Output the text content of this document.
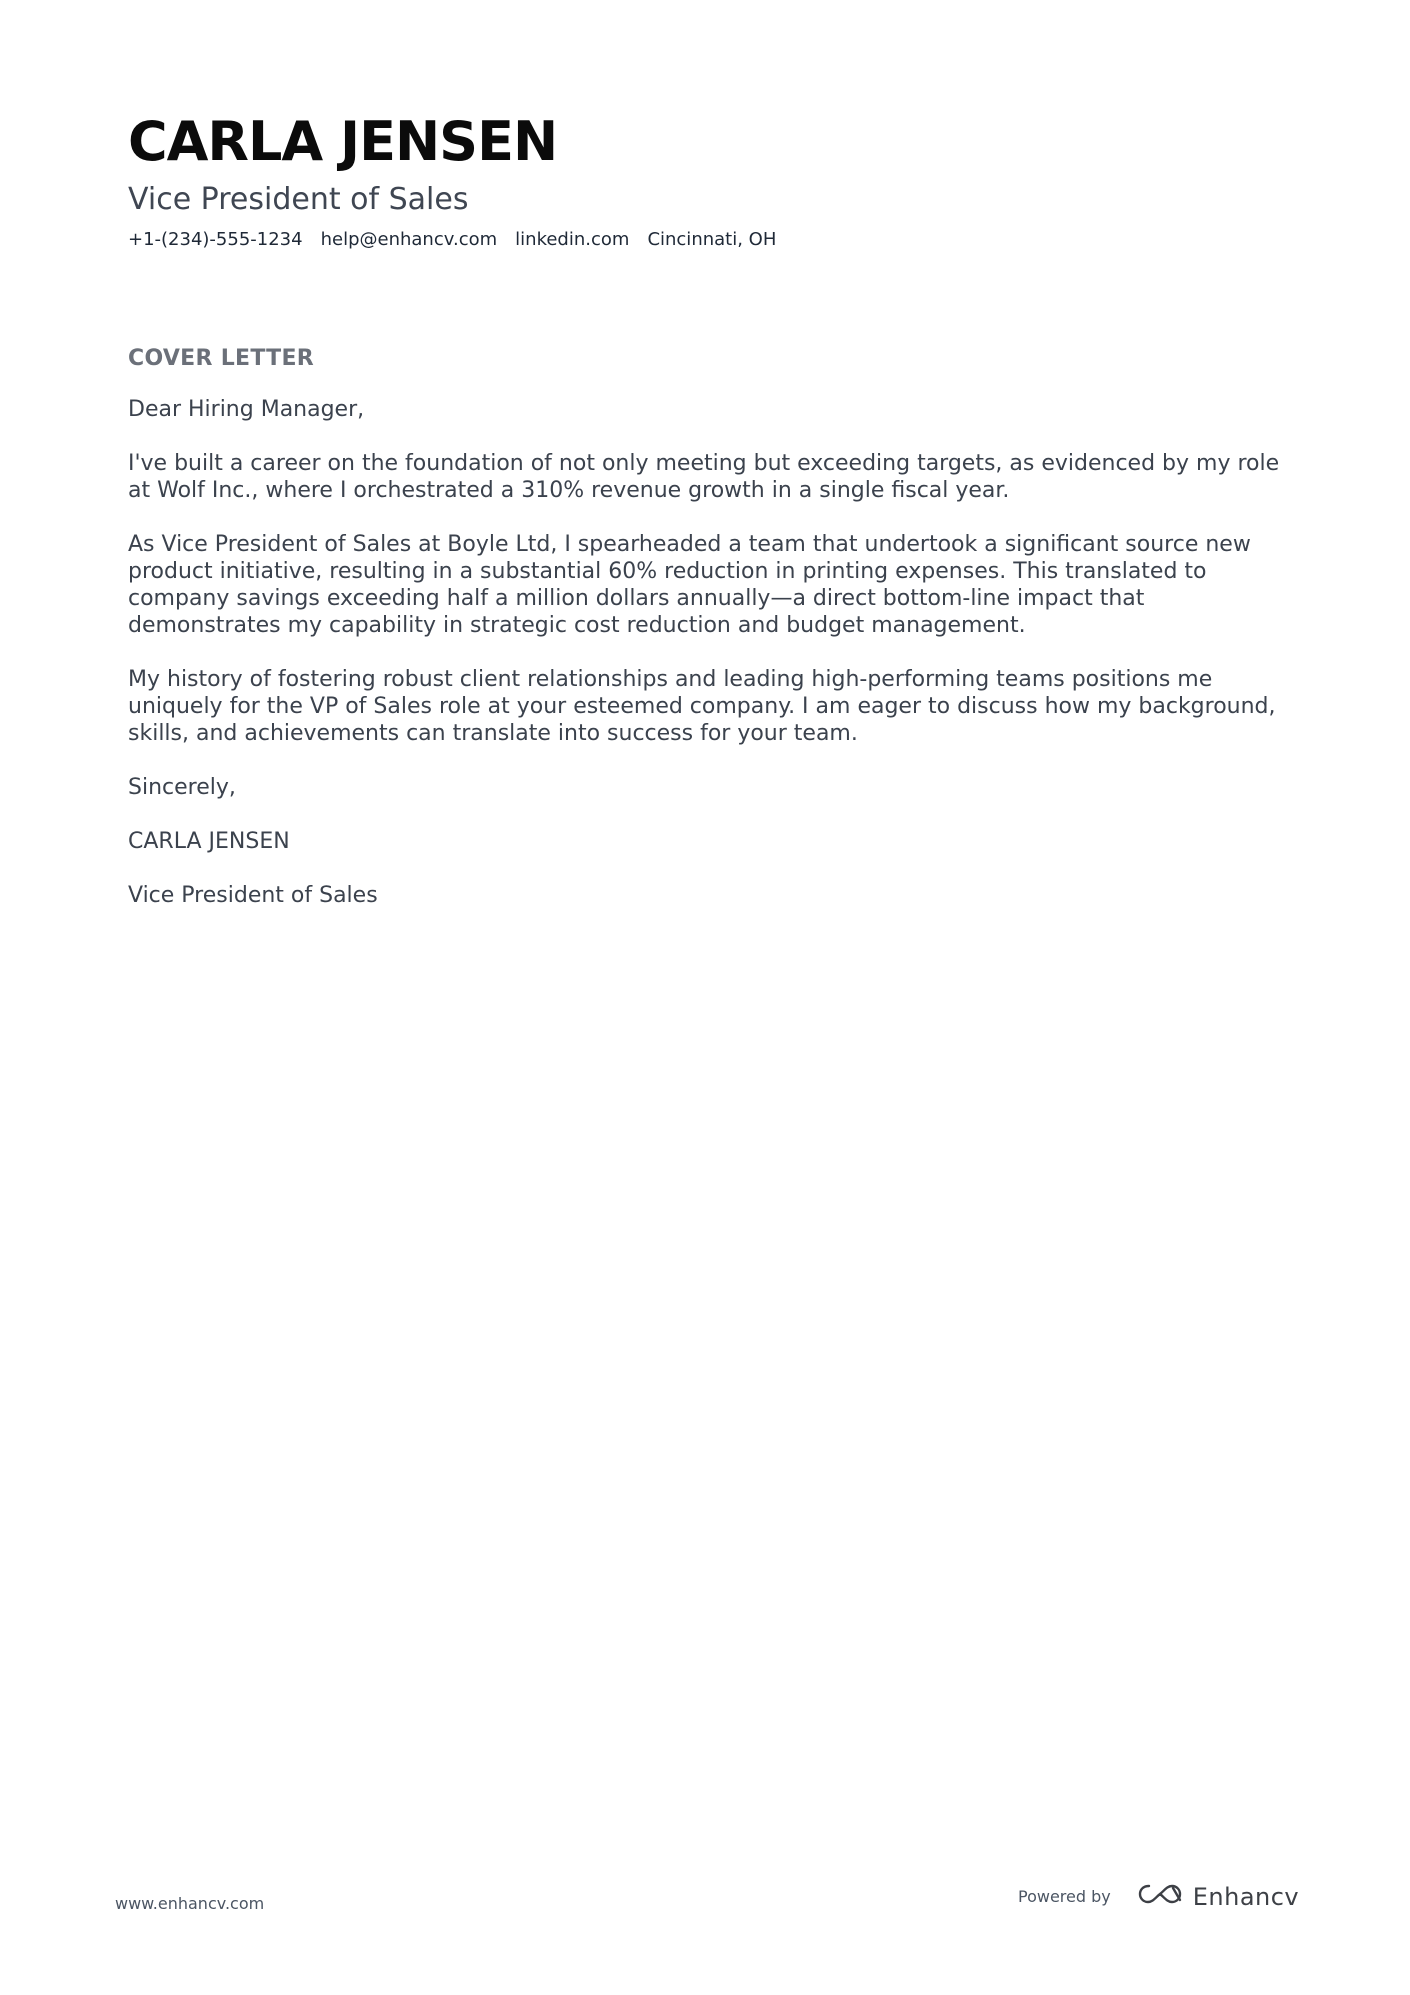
CARLA JENSEN
Vice President of Sales
+1-(234)-555-1234 help@enhancv.com linkedin.com Cincinnati, OH
COVER LETTER

Dear Hiring Manager,

I've built a career on the foundation of not only meeting but exceeding targets, as evidenced by my role at Wolf Inc., where I orchestrated a 310% revenue growth in a single fiscal year.

As Vice President of Sales at Boyle Ltd, I spearheaded a team that undertook a significant source new product initiative, resulting in a substantial 60% reduction in printing expenses. This translated to company savings exceeding half a million dollars annually—a direct bottom-line impact that demonstrates my capability in strategic cost reduction and budget management.

My history of fostering robust client relationships and leading high-performing teams positions me uniquely for the VP of Sales role at your esteemed company. I am eager to discuss how my background, skills, and achievements can translate into success for your team.

Sincerely,

CARLA JENSEN

Vice President of Sales

www.enhancv.com	Powered by	Enhancv
